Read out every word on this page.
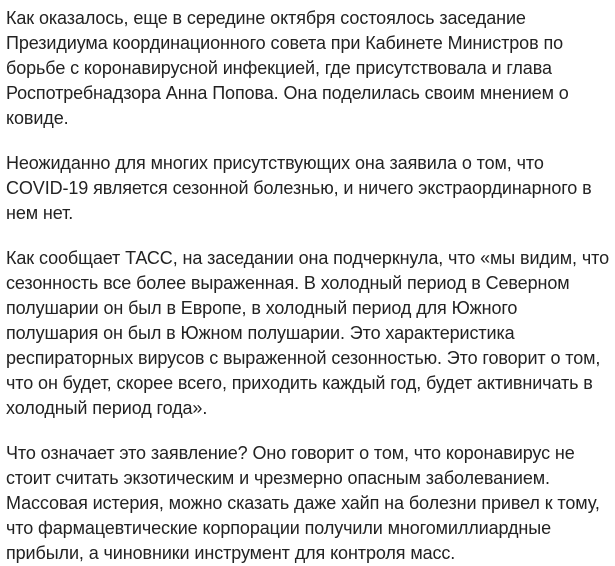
Как оказалось, еще в середине октября состоялось заседание Президиума координационного совета при Кабинете Министров по борьбе с коронавирусной инфекцией, где присутствовала и глава Роспотребнадзора Анна Попова. Она поделилась своим мнением о ковиде.

Неожиданно для многих присутствующих она заявила о том, что COVID-19 является сезонной болезнью, и ничего экстраординарного в нем нет.

Как сообщает ТАСС, на заседании она подчеркнула, что «мы видим, что сезонность все более выраженная. В холодный период в Северном полушарии он был в Европе, в холодный период для Южного полушария он был в Южном полушарии. Это характеристика респираторных вирусов с выраженной сезонностью. Это говорит о том, что он будет, скорее всего, приходить каждый год, будет активничать в холодный период года».

Что означает это заявление? Оно говорит о том, что коронавирус не стоит считать экзотическим и чрезмерно опасным заболеванием. Массовая истерия, можно сказать даже хайп на болезни привел к тому, что фармацевтические корпорации получили многомиллиардные прибыли, а чиновники инструмент для контроля масс.
